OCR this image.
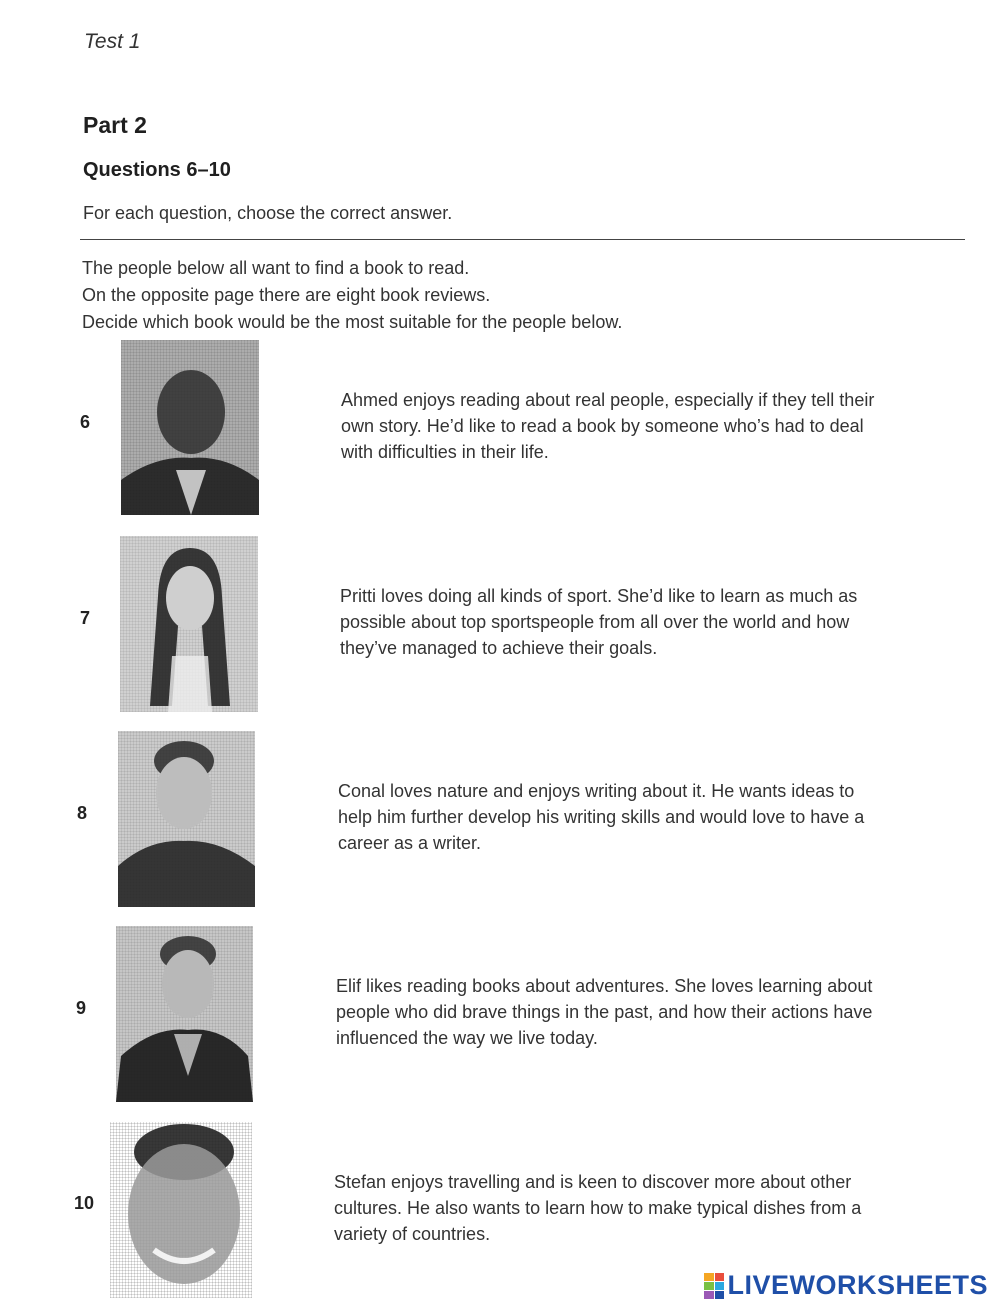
Test 1
Part 2
Questions 6–10
For each question, choose the correct answer.
The people below all want to find a book to read.
On the opposite page there are eight book reviews.
Decide which book would be the most suitable for the people below.
6
Ahmed enjoys reading about real people, especially if they tell their
own story. He’d like to read a book by someone who’s had to deal
with difficulties in their life.
7
Pritti loves doing all kinds of sport. She’d like to learn as much as
possible about top sportspeople from all over the world and how
they’ve managed to achieve their goals.
8
Conal loves nature and enjoys writing about it. He wants ideas to
help him further develop his writing skills and would love to have a
career as a writer.
9
Elif likes reading books about adventures. She loves learning about
people who did brave things in the past, and how their actions have
influenced the way we live today.
10
Stefan enjoys travelling and is keen to discover more about other
cultures. He also wants to learn how to make typical dishes from a
variety of countries.
LIVEWORKSHEETS
